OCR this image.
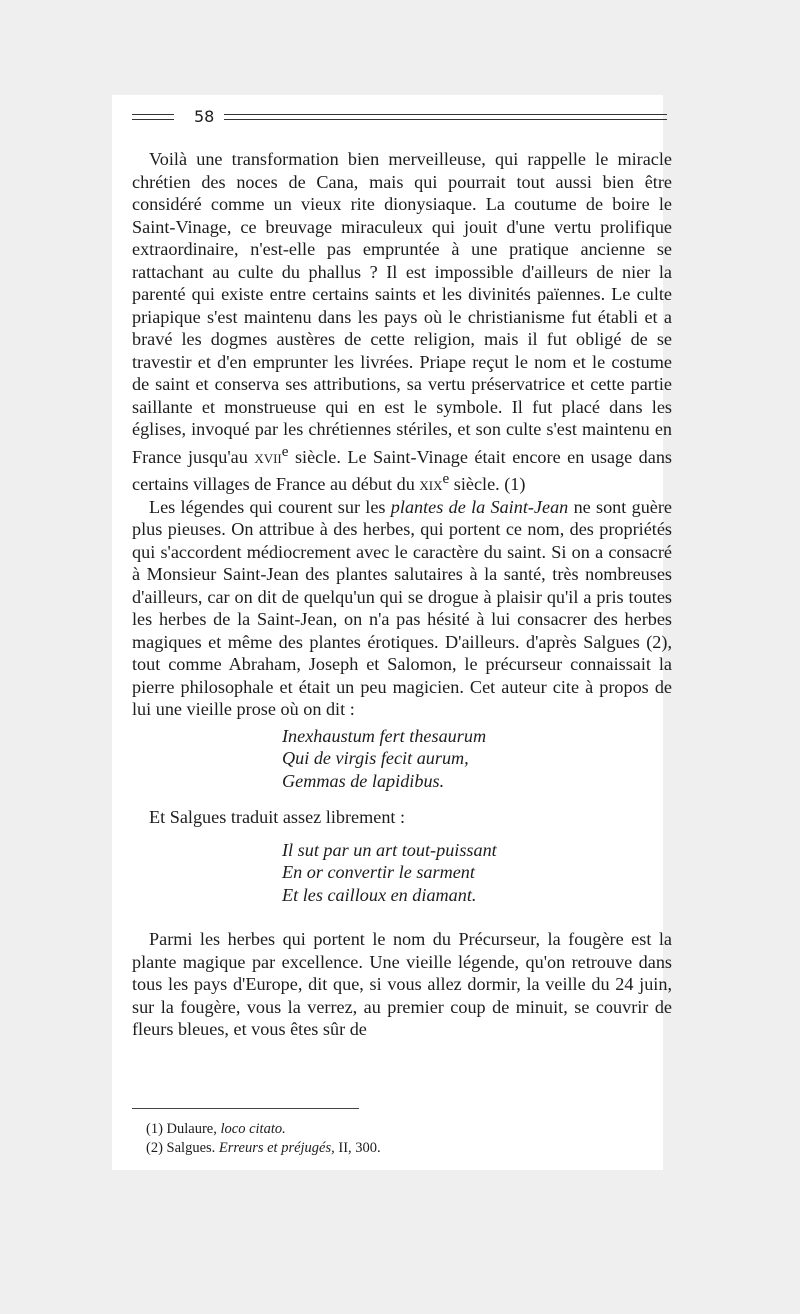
58

Voilà une transformation bien merveilleuse, qui rappelle le miracle chrétien des noces de Cana, mais qui pourrait tout aussi bien être considéré comme un vieux rite dionysiaque. La coutume de boire le Saint-Vinage, ce breuvage miraculeux qui jouit d'une vertu prolifique extraordinaire, n'est-elle pas empruntée à une pratique ancienne se rattachant au culte du phallus ? Il est impossible d'ailleurs de nier la parenté qui existe entre certains saints et les divinités païennes. Le culte priapique s'est maintenu dans les pays où le christianisme fut établi et a bravé les dogmes austères de cette religion, mais il fut obligé de se travestir et d'en emprunter les livrées. Priape reçut le nom et le costume de saint et conserva ses attributions, sa vertu préservatrice et cette partie saillante et monstrueuse qui en est le symbole. Il fut placé dans les églises, invoqué par les chrétiennes stériles, et son culte s'est maintenu en France jusqu'au xvii$^e$ siècle. Le Saint-Vinage était encore en usage dans certains villages de France au début du xix$^e$ siècle. (1)

Les légendes qui courent sur les plantes de la Saint-Jean ne sont guère plus pieuses. On attribue à des herbes, qui portent ce nom, des propriétés qui s'accordent médiocrement avec le caractère du saint. Si on a consacré à Monsieur Saint-Jean des plantes salutaires à la santé, très nombreuses d'ailleurs, car on dit de quelqu'un qui se drogue à plaisir qu'il a pris toutes les herbes de la Saint-Jean, on n'a pas hésité à lui consacrer des herbes magiques et même des plantes érotiques. D'ailleurs. d'après Salgues (2), tout comme Abraham, Joseph et Salomon, le précurseur connaissait la pierre philosophale et était un peu magicien. Cet auteur cite à propos de lui une vieille prose où on dit :

Inexhaustum fert thesaurum
Qui de virgis fecit aurum,
Gemmas de lapidibus.

Et Salgues traduit assez librement :

Il sut par un art tout-puissant
En or convertir le sarment
Et les cailloux en diamant.

Parmi les herbes qui portent le nom du Précurseur, la fougère est la plante magique par excellence. Une vieille légende, qu'on retrouve dans tous les pays d'Europe, dit que, si vous allez dormir, la veille du 24 juin, sur la fougère, vous la verrez, au premier coup de minuit, se couvrir de fleurs bleues, et vous êtes sûr de

(1) Dulaure, loco citato.
(2) Salgues. Erreurs et préjugés, II, 300.
